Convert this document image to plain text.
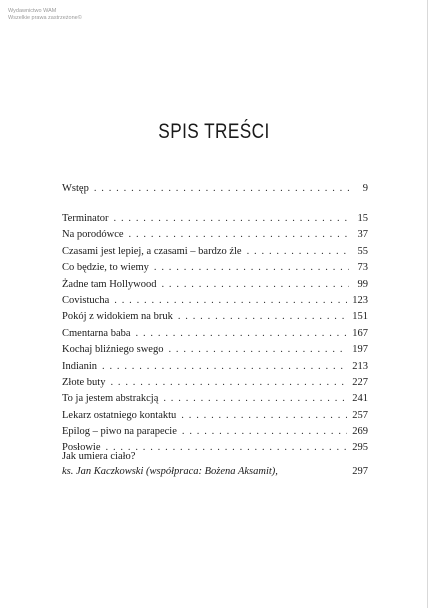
Wydawnictwo WAM
Wszelkie prawa zastrzeżone©
SPIS TREŚCI
Wstęp . . .	9
Terminator . . .	15
Na porodówce . . .	37
Czasami jest lepiej, a czasami – bardzo źle . . .	55
Co będzie, to wiemy . . .	73
Żadne tam Hollywood . . .	99
Covistucha . . .	123
Pokój z widokiem na bruk . . .	151
Cmentarna baba . . .	167
Kochaj bliźniego swego . . .	197
Indianin . . .	213
Złote buty . . .	227
To ja jestem abstrakcją . . .	241
Lekarz ostatniego kontaktu . . .	257
Epilog – piwo na parapecie . . .	269
Posłowie . . .	295
Jak umiera ciało?
ks. Jan Kaczkowski (współpraca: Bożena Aksamit),	297
